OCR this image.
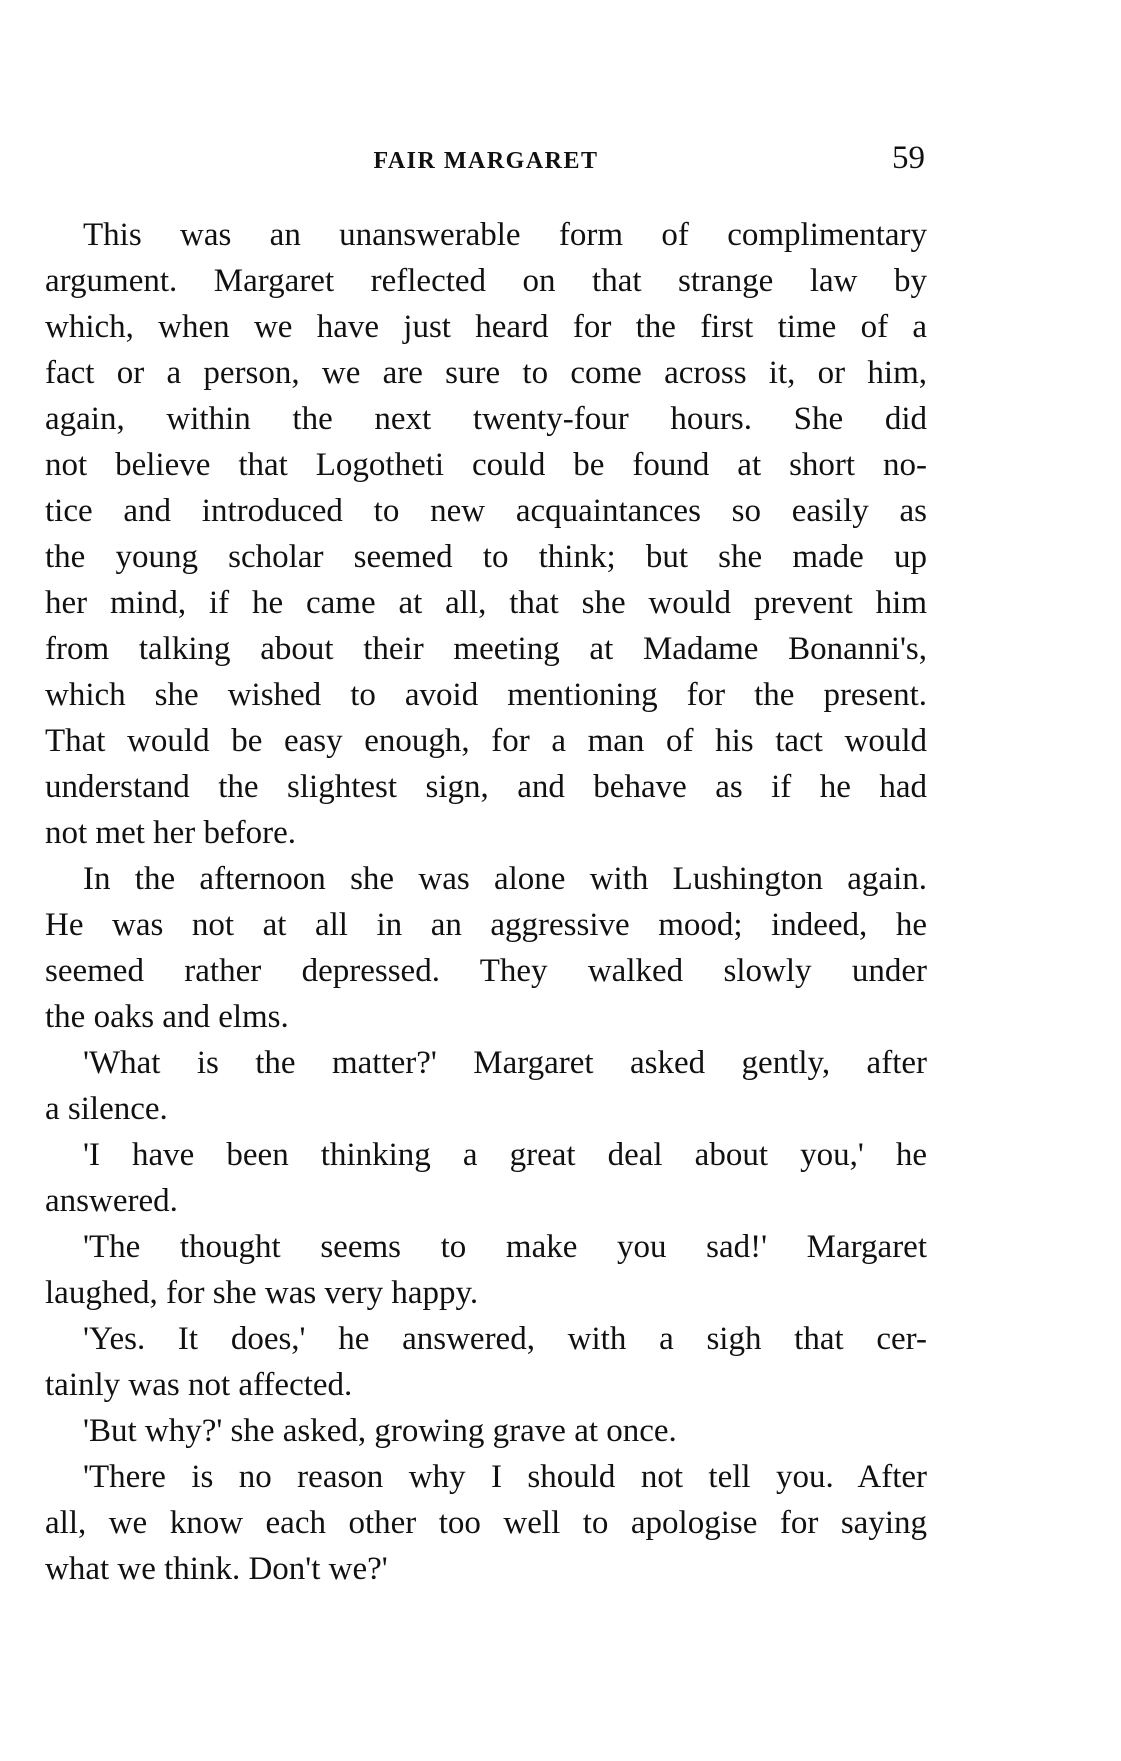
FAIR MARGARET	59
This was an unanswerable form of complimentary
argument. Margaret reflected on that strange law by
which, when we have just heard for the first time of a
fact or a person, we are sure to come across it, or him,
again, within the next twenty-four hours. She did
not believe that Logotheti could be found at short no-
tice and introduced to new acquaintances so easily as
the young scholar seemed to think; but she made up
her mind, if he came at all, that she would prevent him
from talking about their meeting at Madame Bonanni's,
which she wished to avoid mentioning for the present.
That would be easy enough, for a man of his tact would
understand the slightest sign, and behave as if he had
not met her before.
In the afternoon she was alone with Lushington again.
He was not at all in an aggressive mood; indeed, he
seemed rather depressed. They walked slowly under
the oaks and elms.
'What is the matter?' Margaret asked gently, after
a silence.
'I have been thinking a great deal about you,' he
answered.
'The thought seems to make you sad!' Margaret
laughed, for she was very happy.
'Yes. It does,' he answered, with a sigh that cer-
tainly was not affected.
'But why?' she asked, growing grave at once.
'There is no reason why I should not tell you. After
all, we know each other too well to apologise for saying
what we think. Don't we?'
